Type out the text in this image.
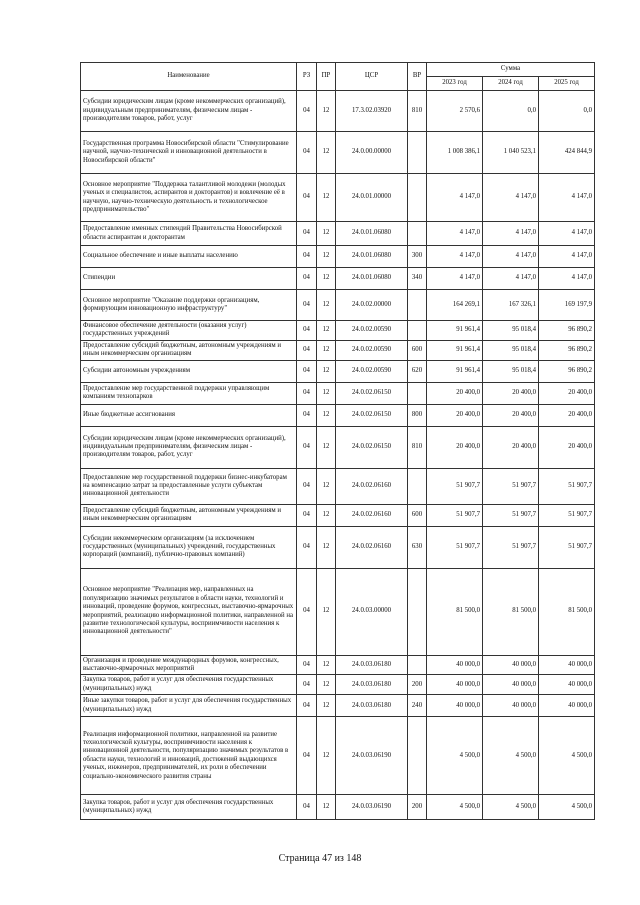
Наименование	РЗ	ПР	ЦСР	ВР	Сумма		
					2023 год	2024 год	2025 год
Субсидии юридическим лицам (кроме некоммерческих организаций), индивидуальным предпринимателям, физическим лицам - производителям товаров, работ, услуг	04	12	17.3.02.03920	810	2 570,6	0,0	0,0
Государственная программа Новосибирской области "Стимулирование научной, научно-технической и инновационной деятельности в Новосибирской области"	04	12	24.0.00.00000		1 008 386,1	1 040 523,1	424 844,9
Основное мероприятие "Поддержка талантливой молодежи (молодых ученых и специалистов, аспирантов и докторантов) и вовлечение её в научную, научно-техническую деятельность и технологическое предпринимательство"	04	12	24.0.01.00000		4 147,0	4 147,0	4 147,0
Предоставление именных стипендий Правительства Новосибирской области аспирантам и докторантам	04	12	24.0.01.06080		4 147,0	4 147,0	4 147,0
Социальное обеспечение и иные выплаты населению	04	12	24.0.01.06080	300	4 147,0	4 147,0	4 147,0
Стипендии	04	12	24.0.01.06080	340	4 147,0	4 147,0	4 147,0
Основное мероприятие "Оказание поддержки организациям, формирующим инновационную инфраструктуру"	04	12	24.0.02.00000		164 269,1	167 326,1	169 197,9
Финансовое обеспечение деятельности (оказания услуг) государственных учреждений	04	12	24.0.02.00590		91 961,4	95 018,4	96 890,2
Предоставление субсидий бюджетным, автономным учреждениям и иным некоммерческим организациям	04	12	24.0.02.00590	600	91 961,4	95 018,4	96 890,2
Субсидии автономным учреждениям	04	12	24.0.02.00590	620	91 961,4	95 018,4	96 890,2
Предоставление мер государственной поддержки управляющим компаниям технопарков	04	12	24.0.02.06150		20 400,0	20 400,0	20 400,0
Иные бюджетные ассигнования	04	12	24.0.02.06150	800	20 400,0	20 400,0	20 400,0
Субсидии юридическим лицам (кроме некоммерческих организаций), индивидуальным предпринимателям, физическим лицам - производителям товаров, работ, услуг	04	12	24.0.02.06150	810	20 400,0	20 400,0	20 400,0
Предоставление мер государственной поддержки бизнес-инкубаторам на компенсацию затрат за предоставленные услуги субъектам инновационной деятельности	04	12	24.0.02.06160		51 907,7	51 907,7	51 907,7
Предоставление субсидий бюджетным, автономным учреждениям и иным некоммерческим организациям	04	12	24.0.02.06160	600	51 907,7	51 907,7	51 907,7
Субсидии некоммерческим организациям (за исключением государственных (муниципальных) учреждений, государственных корпораций (компаний), публично-правовых компаний)	04	12	24.0.02.06160	630	51 907,7	51 907,7	51 907,7
Основное мероприятие "Реализация мер, направленных на популяризацию значимых результатов в области науки, технологий и инноваций, проведение форумов, конгрессных, выставочно-ярмарочных мероприятий, реализацию информационной политики, направленной на развитие технологической культуры, восприимчивости населения к инновационной деятельности"	04	12	24.0.03.00000		81 500,0	81 500,0	81 500,0
Организация и проведение международных форумов, конгрессных, выставочно-ярмарочных мероприятий	04	12	24.0.03.06180		40 000,0	40 000,0	40 000,0
Закупка товаров, работ и услуг для обеспечения государственных (муниципальных) нужд	04	12	24.0.03.06180	200	40 000,0	40 000,0	40 000,0
Иные закупки товаров, работ и услуг для обеспечения государственных (муниципальных) нужд	04	12	24.0.03.06180	240	40 000,0	40 000,0	40 000,0
Реализация информационной политики, направленной на развитие технологической культуры, восприимчивости населения к инновационной деятельности, популяризацию значимых результатов в области науки, технологий и инноваций, достижений выдающихся ученых, инженеров, предпринимателей, их роли в обеспечении социально-экономического развития страны	04	12	24.0.03.06190		4 500,0	4 500,0	4 500,0
Закупка товаров, работ и услуг для обеспечения государственных (муниципальных) нужд	04	12	24.0.03.06190	200	4 500,0	4 500,0	4 500,0
Страница 47 из 148
